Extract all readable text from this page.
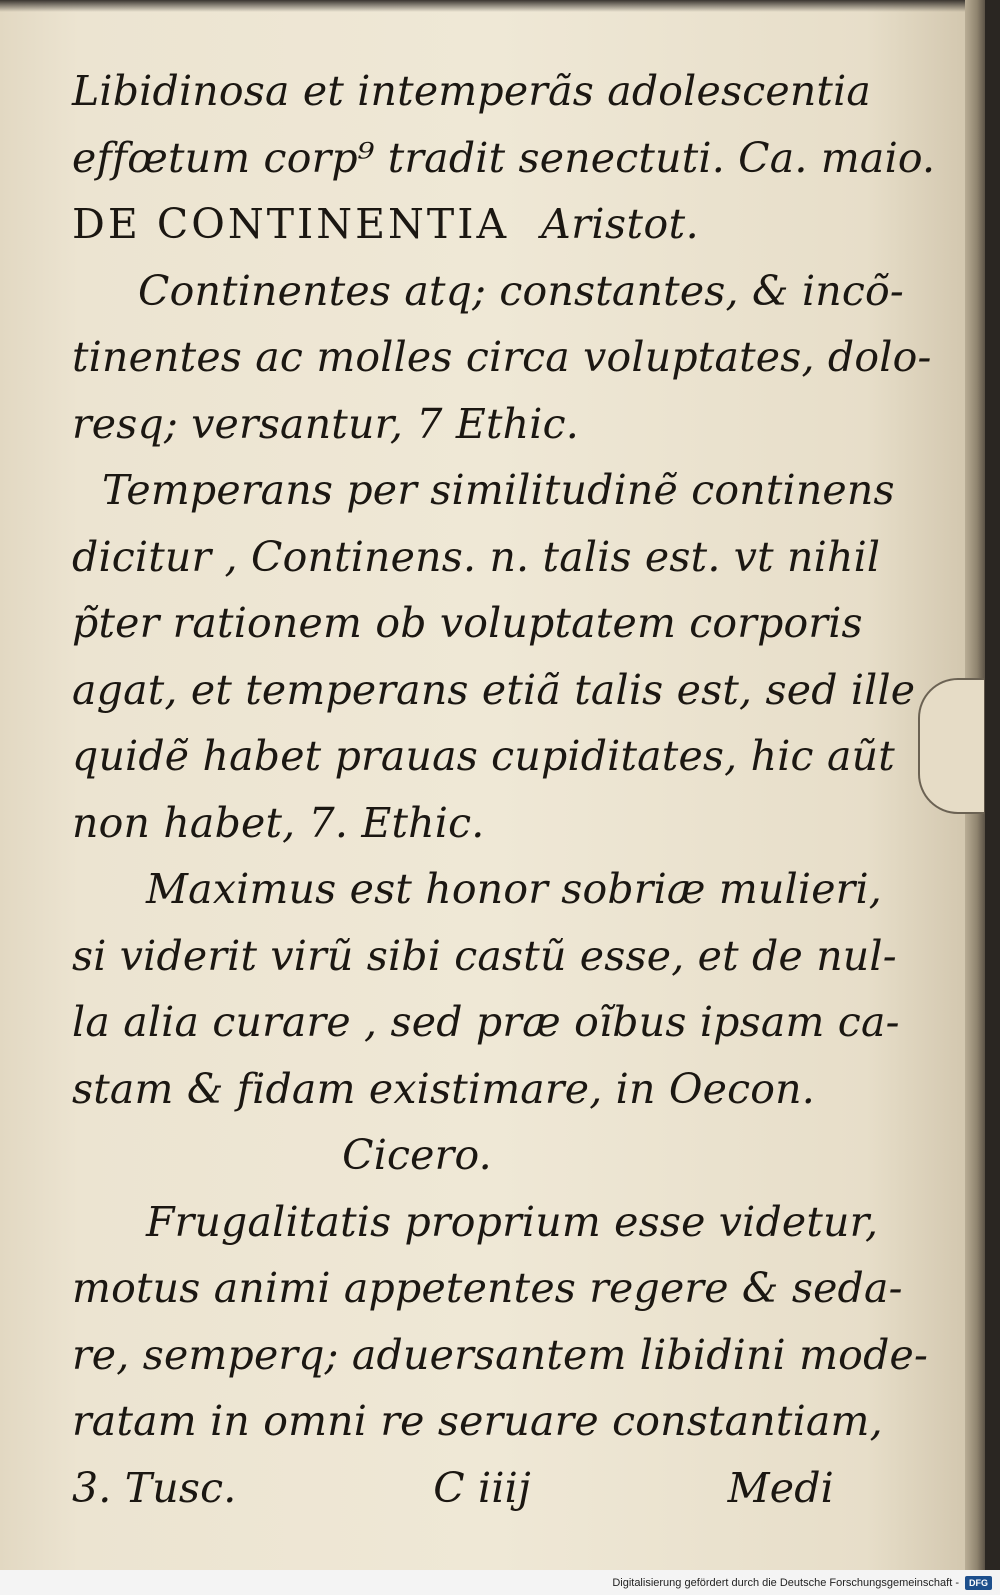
Libidinosa et intemperãs adolescentia
effœtum corp⁹ tradit senectuti. Ca. maio.
DE CONTINENTIA Aristot.
Continentes atq; constantes, & incõ-
tinentes ac molles circa voluptates, dolo-
resq; versantur, 7 Ethic.
Temperans per similitudinẽ continens
dicitur , Continens. n. talis est. vt nihil
p̃ter rationem ob voluptatem corporis
agat, et temperans etiã talis est, sed ille
quidẽ habet prauas cupiditates, hic aũt
non habet, 7. Ethic.
Maximus est honor sobriæ mulieri,
si viderit virũ sibi castũ esse, et de nul-
la alia curare , sed præ oĩbus ipsam ca-
stam & fidam existimare, in Oecon.
Cicero.
Frugalitatis proprium esse videtur,
motus animi appetentes regere & seda-
re, semperq; aduersantem libidini mode-
ratam in omni re seruare constantiam,
3. Tusc.	C iiij	Medi
Digitalisierung gefördert durch die Deutsche Forschungsgemeinschaft -	DFG
